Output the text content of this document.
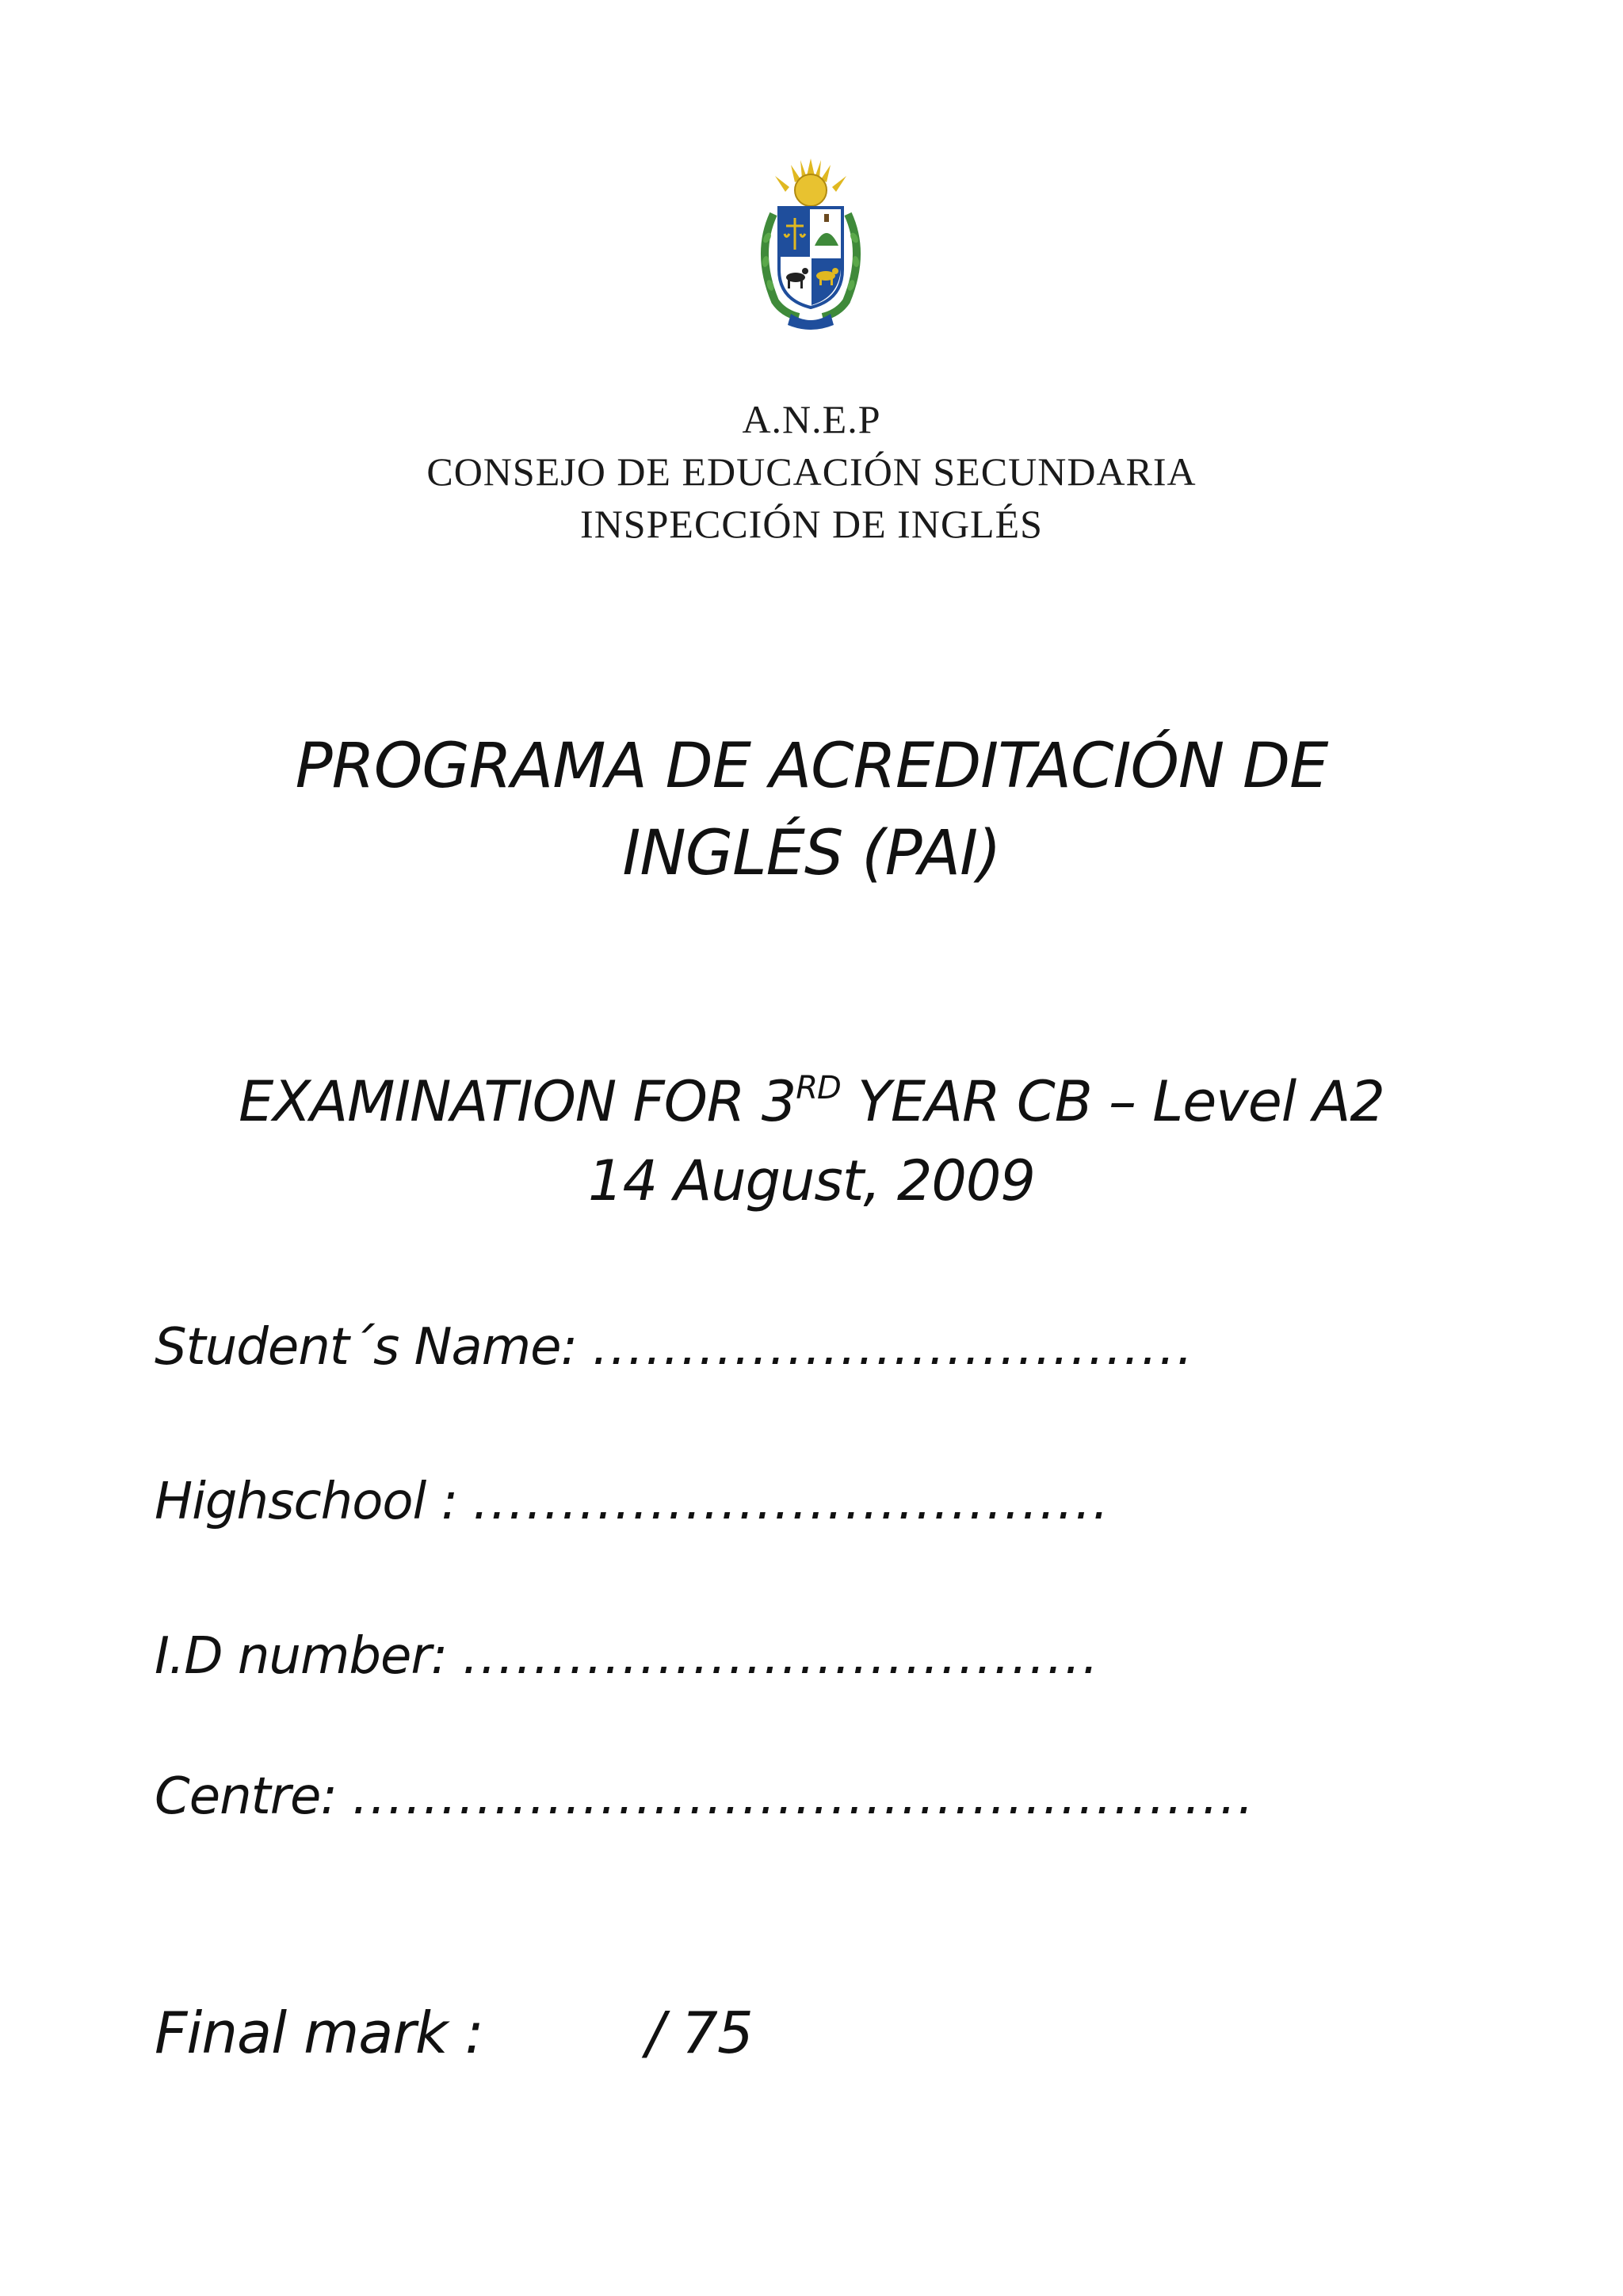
A.N.E.P
CONSEJO DE EDUCACIÓN SECUNDARIA
INSPECCIÓN DE INGLÉS
PROGRAMA DE ACREDITACIÓN DE
INGLÉS (PAI)
EXAMINATION FOR 3RD YEAR CB – Level A2
14 August, 2009
Student´s Name: ..................................
Highschool : ....................................
I.D number: ....................................
Centre: ...................................................
Final mark :	/ 75
